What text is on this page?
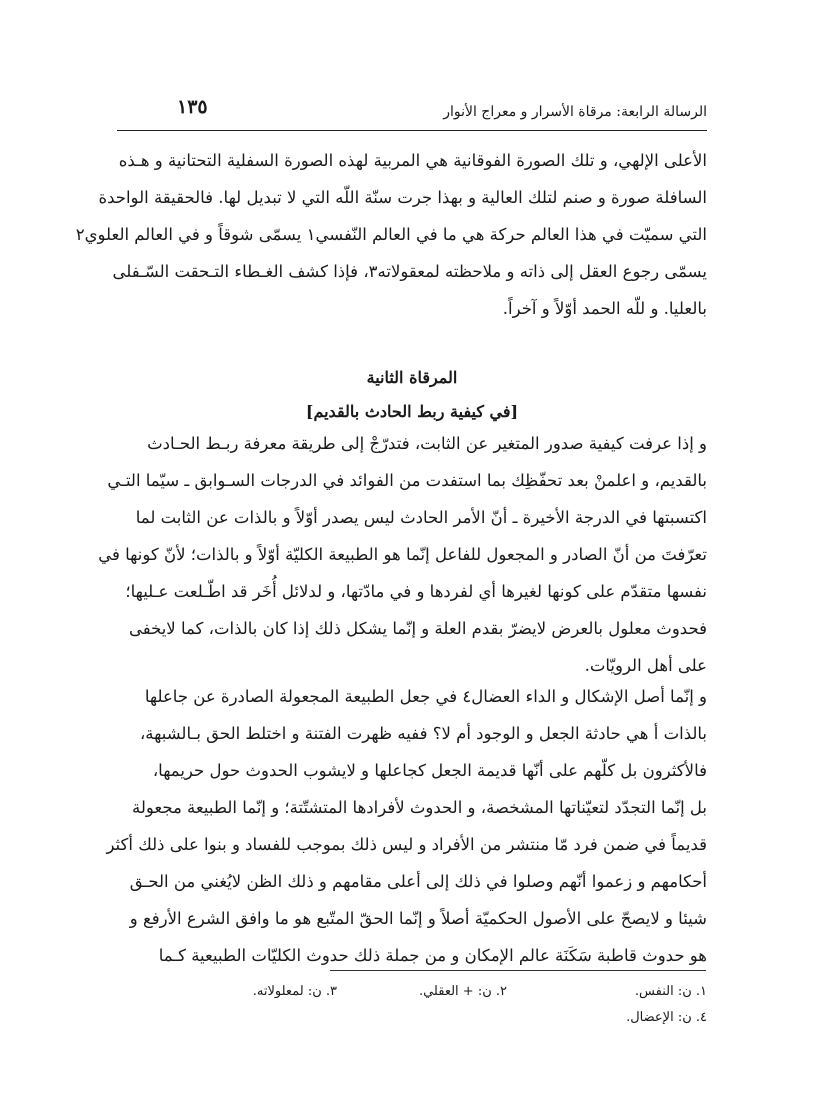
الرسالة الرابعة: مرقاة الأسرار و معراج الأنوار
١٣٥
الأعلى الإلهي، و تلك الصورة الفوقانية هي المربية لهذه الصورة السفلية التحتانية و هـذه
السافلة صورة و صنم لتلك العالية و بهذا جرت سنّة اللّه التي لا تبديل لها. فالحقيقة الواحدة
التي سميّت في هذا العالم حركة هي ما في العالم النّفسي١ يسمّى شوقاً و في العالم العلوي٢
يسمّى رجوع العقل إلى ذاته و ملاحظته لمعقولاته٣، فإذا كشف الغـطاء التـحقت السّـفلى
بالعليا. و للّه الحمد أوّلاً و آخراً.
المرقاة الثانية
[في كيفية ربط الحادث بالقديم]
و إذا عرفت كيفية صدور المتغير عن الثابت، فتدرّجْ إلى طريقة معرفة ربـط الحـادث
بالقديم، و اعلمنْ بعد تحفّظِك بما استفدت من الفوائد في الدرجات السـوابق ـ سيّما التـي
اكتسبتها في الدرجة الأخيرة ـ أنّ الأمر الحادث ليس يصدر أوّلاً و بالذات عن الثابت لما
تعرّفتَ من أنّ الصادر و المجعول للفاعل إنّما هو الطبيعة الكليّة أوّلاً و بالذات؛ لأنّ كونها في
نفسها متقدّم على كونها لغيرها أي لفردها و في مادّتها، و لدلائل أُخَر قد اطّـلعت عـليها؛
فحدوث معلول بالعرض لايضرّ بقدم العلة و إنّما يشكل ذلك إذا كان بالذات، كما لايخفى
على أهل الرويّات.
و إنّما أصل الإشكال و الداء العضال٤ في جعل الطبيعة المجعولة الصادرة عن جاعلها
بالذات أ هي حادثة الجعل و الوجود أم لا؟ ففيه ظهرت الفتنة و اختلط الحق بـالشبهة،
فالأكثرون بل كلّهم على أنّها قديمة الجعل كجاعلها و لايشوب الحدوث حول حريمها،
بل إنّما التجدّد لتعيّناتها المشخصة، و الحدوث لأفرادها المتشتّتة؛ و إنّما الطبيعة مجعولة
قديماً في ضمن فرد مّا منتشر من الأفراد و ليس ذلك بموجب للفساد و بنوا على ذلك أكثر
أحكامهم و زعموا أنّهم وصلوا في ذلك إلى أعلى مقامهم و ذلك الظن لايُغني من الحـق
شيئا و لايصحّ على الأصول الحكميّة أصلاً و إنّما الحقّ المتّبع هو ما وافق الشرع الأرفع و
هو حدوث قاطبة سَكَنَة عالم الإمكان و من جملة ذلك حدوث الكليّات الطبيعية كـما
١. ن: النفس.
٢. ن: + العقلي.
٣. ن: لمعلولاته.
٤. ن: الإعضال.
